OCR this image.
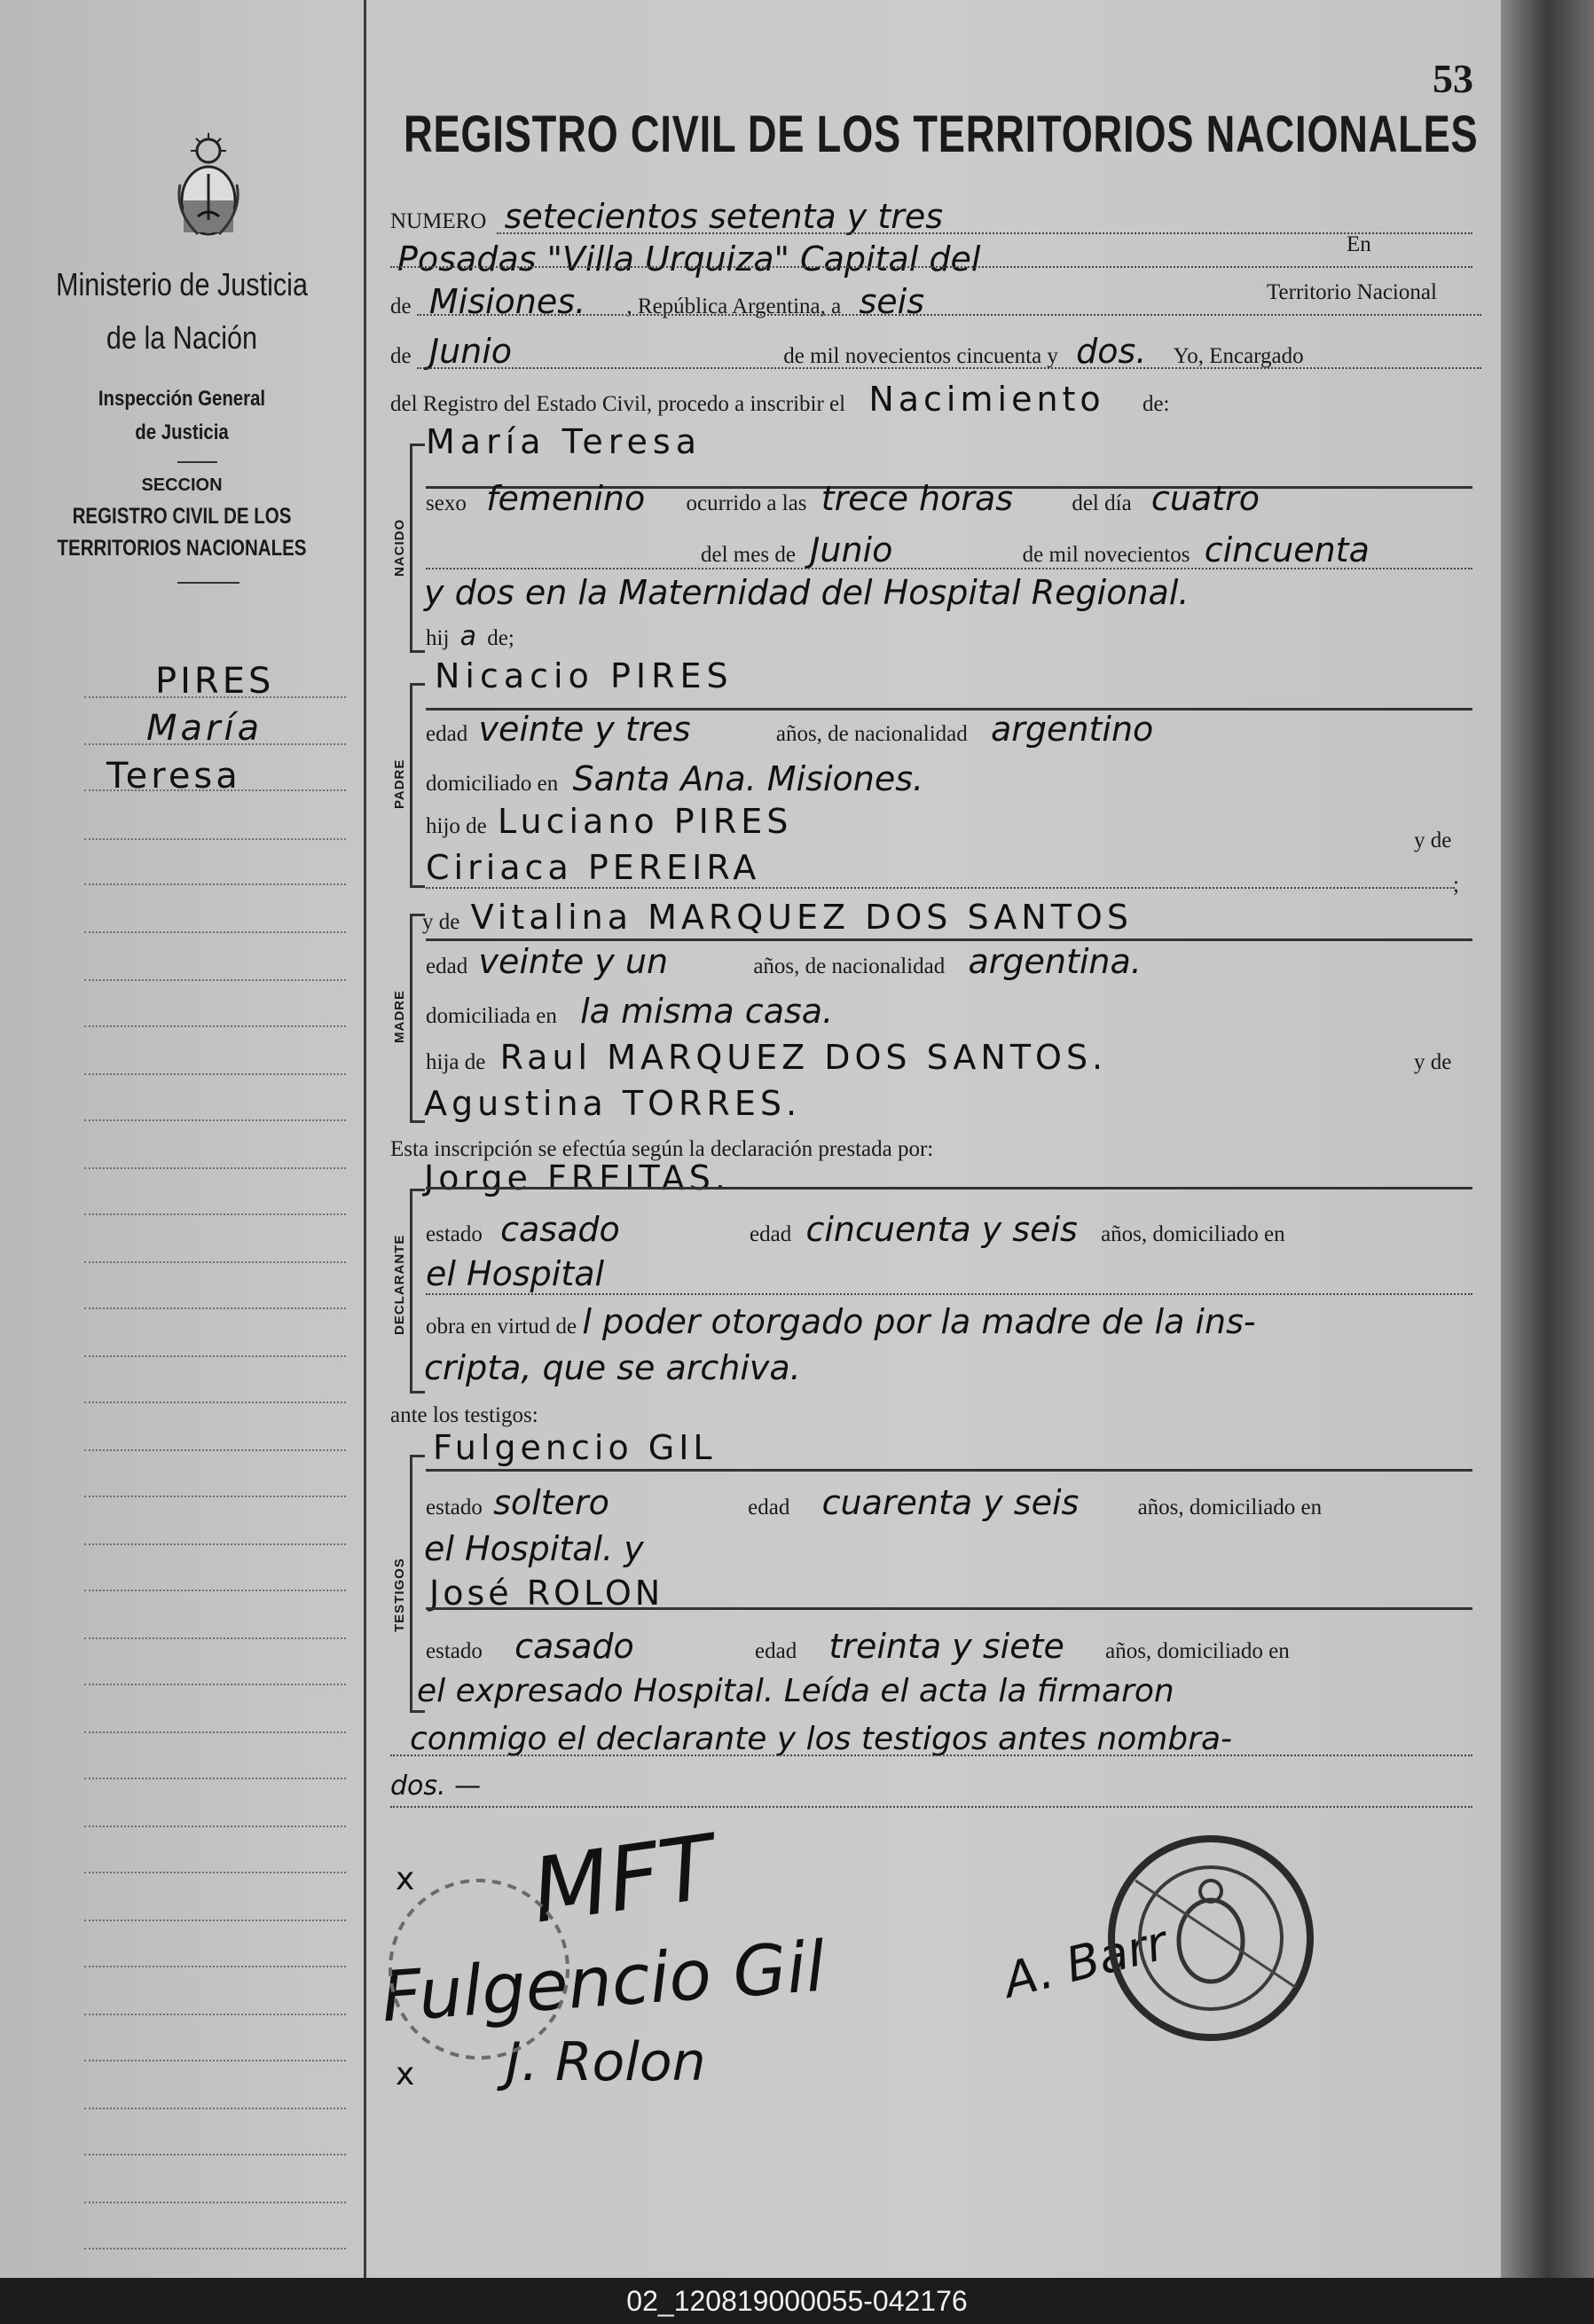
Ministerio de Justicia
de la Nación
Inspección General
de Justicia
SECCION
REGISTRO CIVIL DE LOS
TERRITORIOS NACIONALES
PIRES
María
Teresa
53
REGISTRO CIVIL DE LOS TERRITORIOS NACIONALES
NUMERO setecientos setenta y tres
Posadas "Villa Urquiza" Capital del	En
Territorio Nacional
de Misiones. , República Argentina, a seis
de Junio	de mil novecientos cincuenta y dos. Yo, Encargado
del Registro del Estado Civil, procedo a inscribir el Nacimiento de:
NACIDO
María Teresa
sexo femenino ocurrido a las trece horas	del día cuatro
del mes de Junio	de mil novecientos cincuenta
y dos en la Maternidad del Hospital Regional.
hij a de;
PADRE
Nicacio PIRES
edad veinte y tres	años, de nacionalidad argentino
domiciliado en Santa Ana. Misiones.
hijo de Luciano PIRES
Ciriaca PEREIRA
y de
;
MADRE
y de Vitalina MARQUEZ DOS SANTOS
edad veinte y un	años, de nacionalidad argentina.
domiciliada en la misma casa.
hija de Raul MARQUEZ DOS SANTOS.	y de
Agustina TORRES.
Esta inscripción se efectúa según la declaración prestada por:
DECLARANTE
Jorge FREITAS.
estado casado	edad cincuenta y seis años, domiciliado en
el Hospital
obra en virtud de l poder otorgado por la madre de la ins-
cripta, que se archiva.
ante los testigos:
TESTIGOS
Fulgencio GIL
estado soltero	edad cuarenta y seis	años, domiciliado en
el Hospital. y
José ROLON
estado casado	edad treinta y siete años, domiciliado en
el expresado Hospital. Leída el acta la firmaron
conmigo el declarante y los testigos antes nombra-
dos. —
x MFT
Fulgencio Gil
x J. Rolon
A. Barr
02_120819000055-042176
